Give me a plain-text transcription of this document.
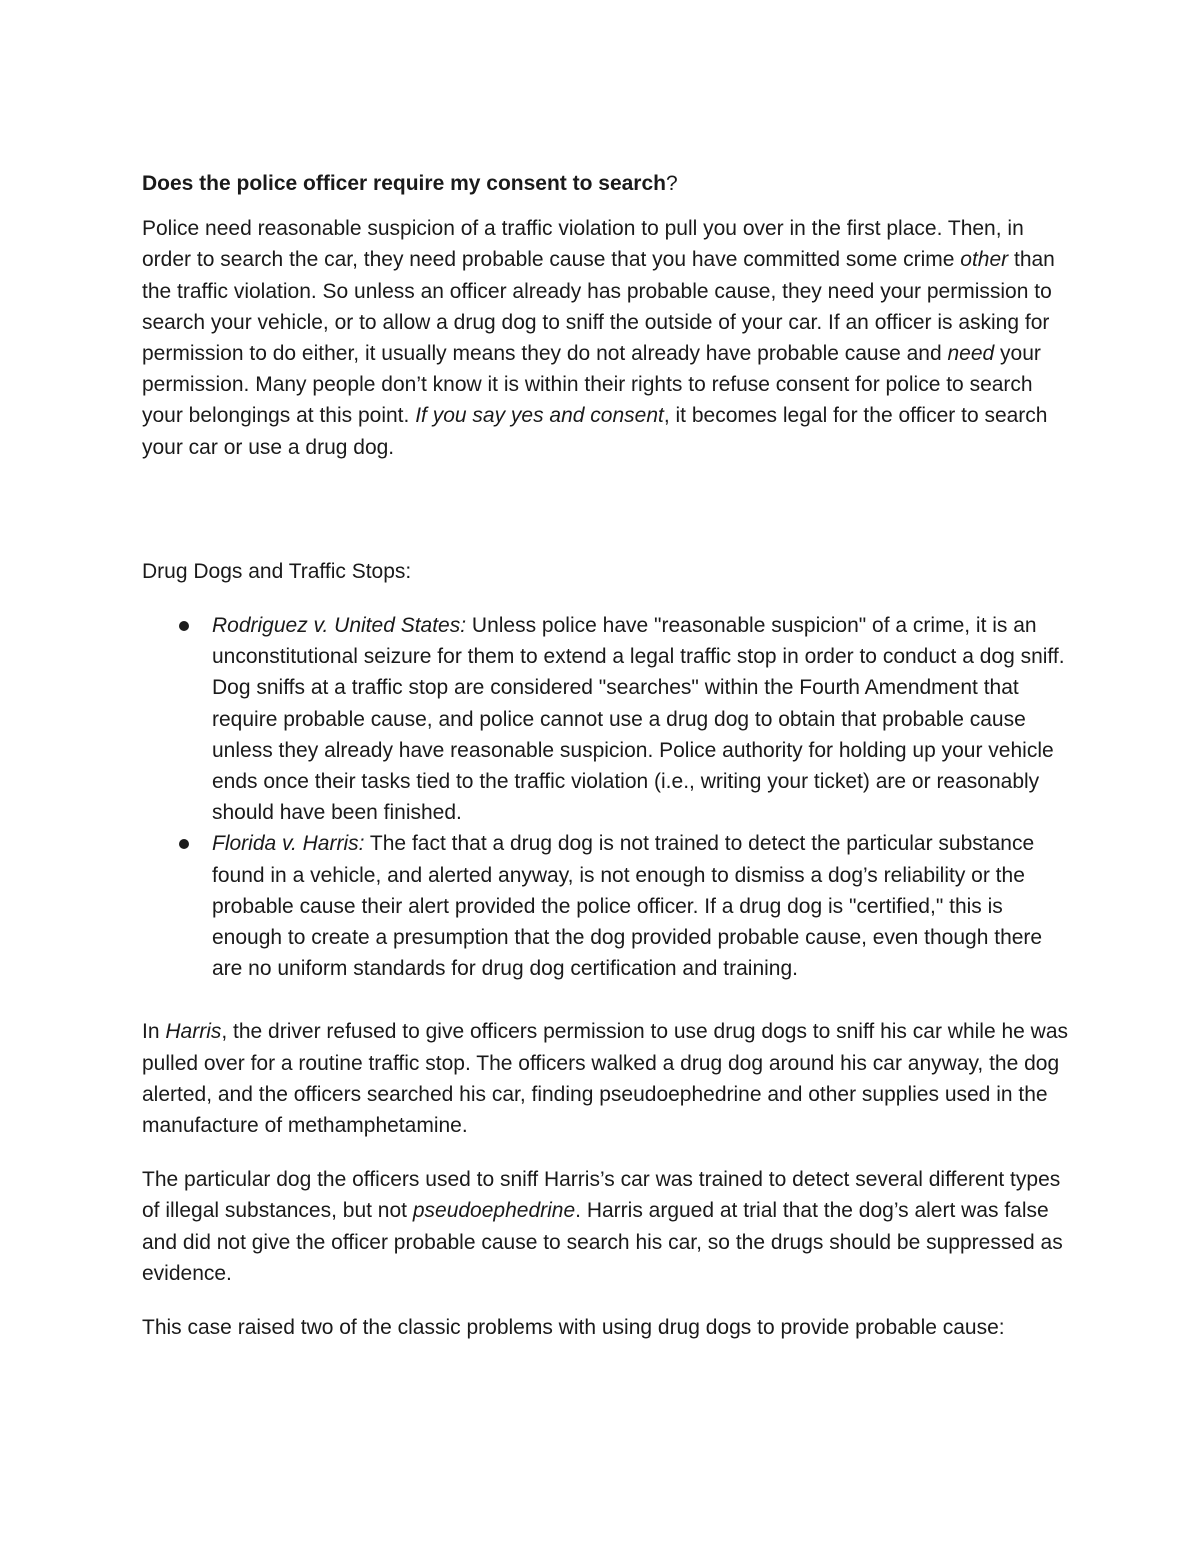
Does the police officer require my consent to search?

Police need reasonable suspicion of a traffic violation to pull you over in the first place. Then, in order to search the car, they need probable cause that you have committed some crime other than the traffic violation. So unless an officer already has probable cause, they need your permission to search your vehicle, or to allow a drug dog to sniff the outside of your car. If an officer is asking for permission to do either, it usually means they do not already have probable cause and need your permission. Many people don’t know it is within their rights to refuse consent for police to search your belongings at this point. If you say yes and consent, it becomes legal for the officer to search your car or use a drug dog.

Drug Dogs and Traffic Stops:

Rodriguez v. United States: Unless police have "reasonable suspicion" of a crime, it is an unconstitutional seizure for them to extend a legal traffic stop in order to conduct a dog sniff. Dog sniffs at a traffic stop are considered "searches" within the Fourth Amendment that require probable cause, and police cannot use a drug dog to obtain that probable cause unless they already have reasonable suspicion. Police authority for holding up your vehicle ends once their tasks tied to the traffic violation (i.e., writing your ticket) are or reasonably should have been finished.
Florida v. Harris: The fact that a drug dog is not trained to detect the particular substance found in a vehicle, and alerted anyway, is not enough to dismiss a dog’s reliability or the probable cause their alert provided the police officer. If a drug dog is "certified," this is enough to create a presumption that the dog provided probable cause, even though there are no uniform standards for drug dog certification and training.

In Harris, the driver refused to give officers permission to use drug dogs to sniff his car while he was pulled over for a routine traffic stop. The officers walked a drug dog around his car anyway, the dog alerted, and the officers searched his car, finding pseudoephedrine and other supplies used in the manufacture of methamphetamine.

The particular dog the officers used to sniff Harris’s car was trained to detect several different types of illegal substances, but not pseudoephedrine. Harris argued at trial that the dog’s alert was false and did not give the officer probable cause to search his car, so the drugs should be suppressed as evidence.

This case raised two of the classic problems with using drug dogs to provide probable cause:
